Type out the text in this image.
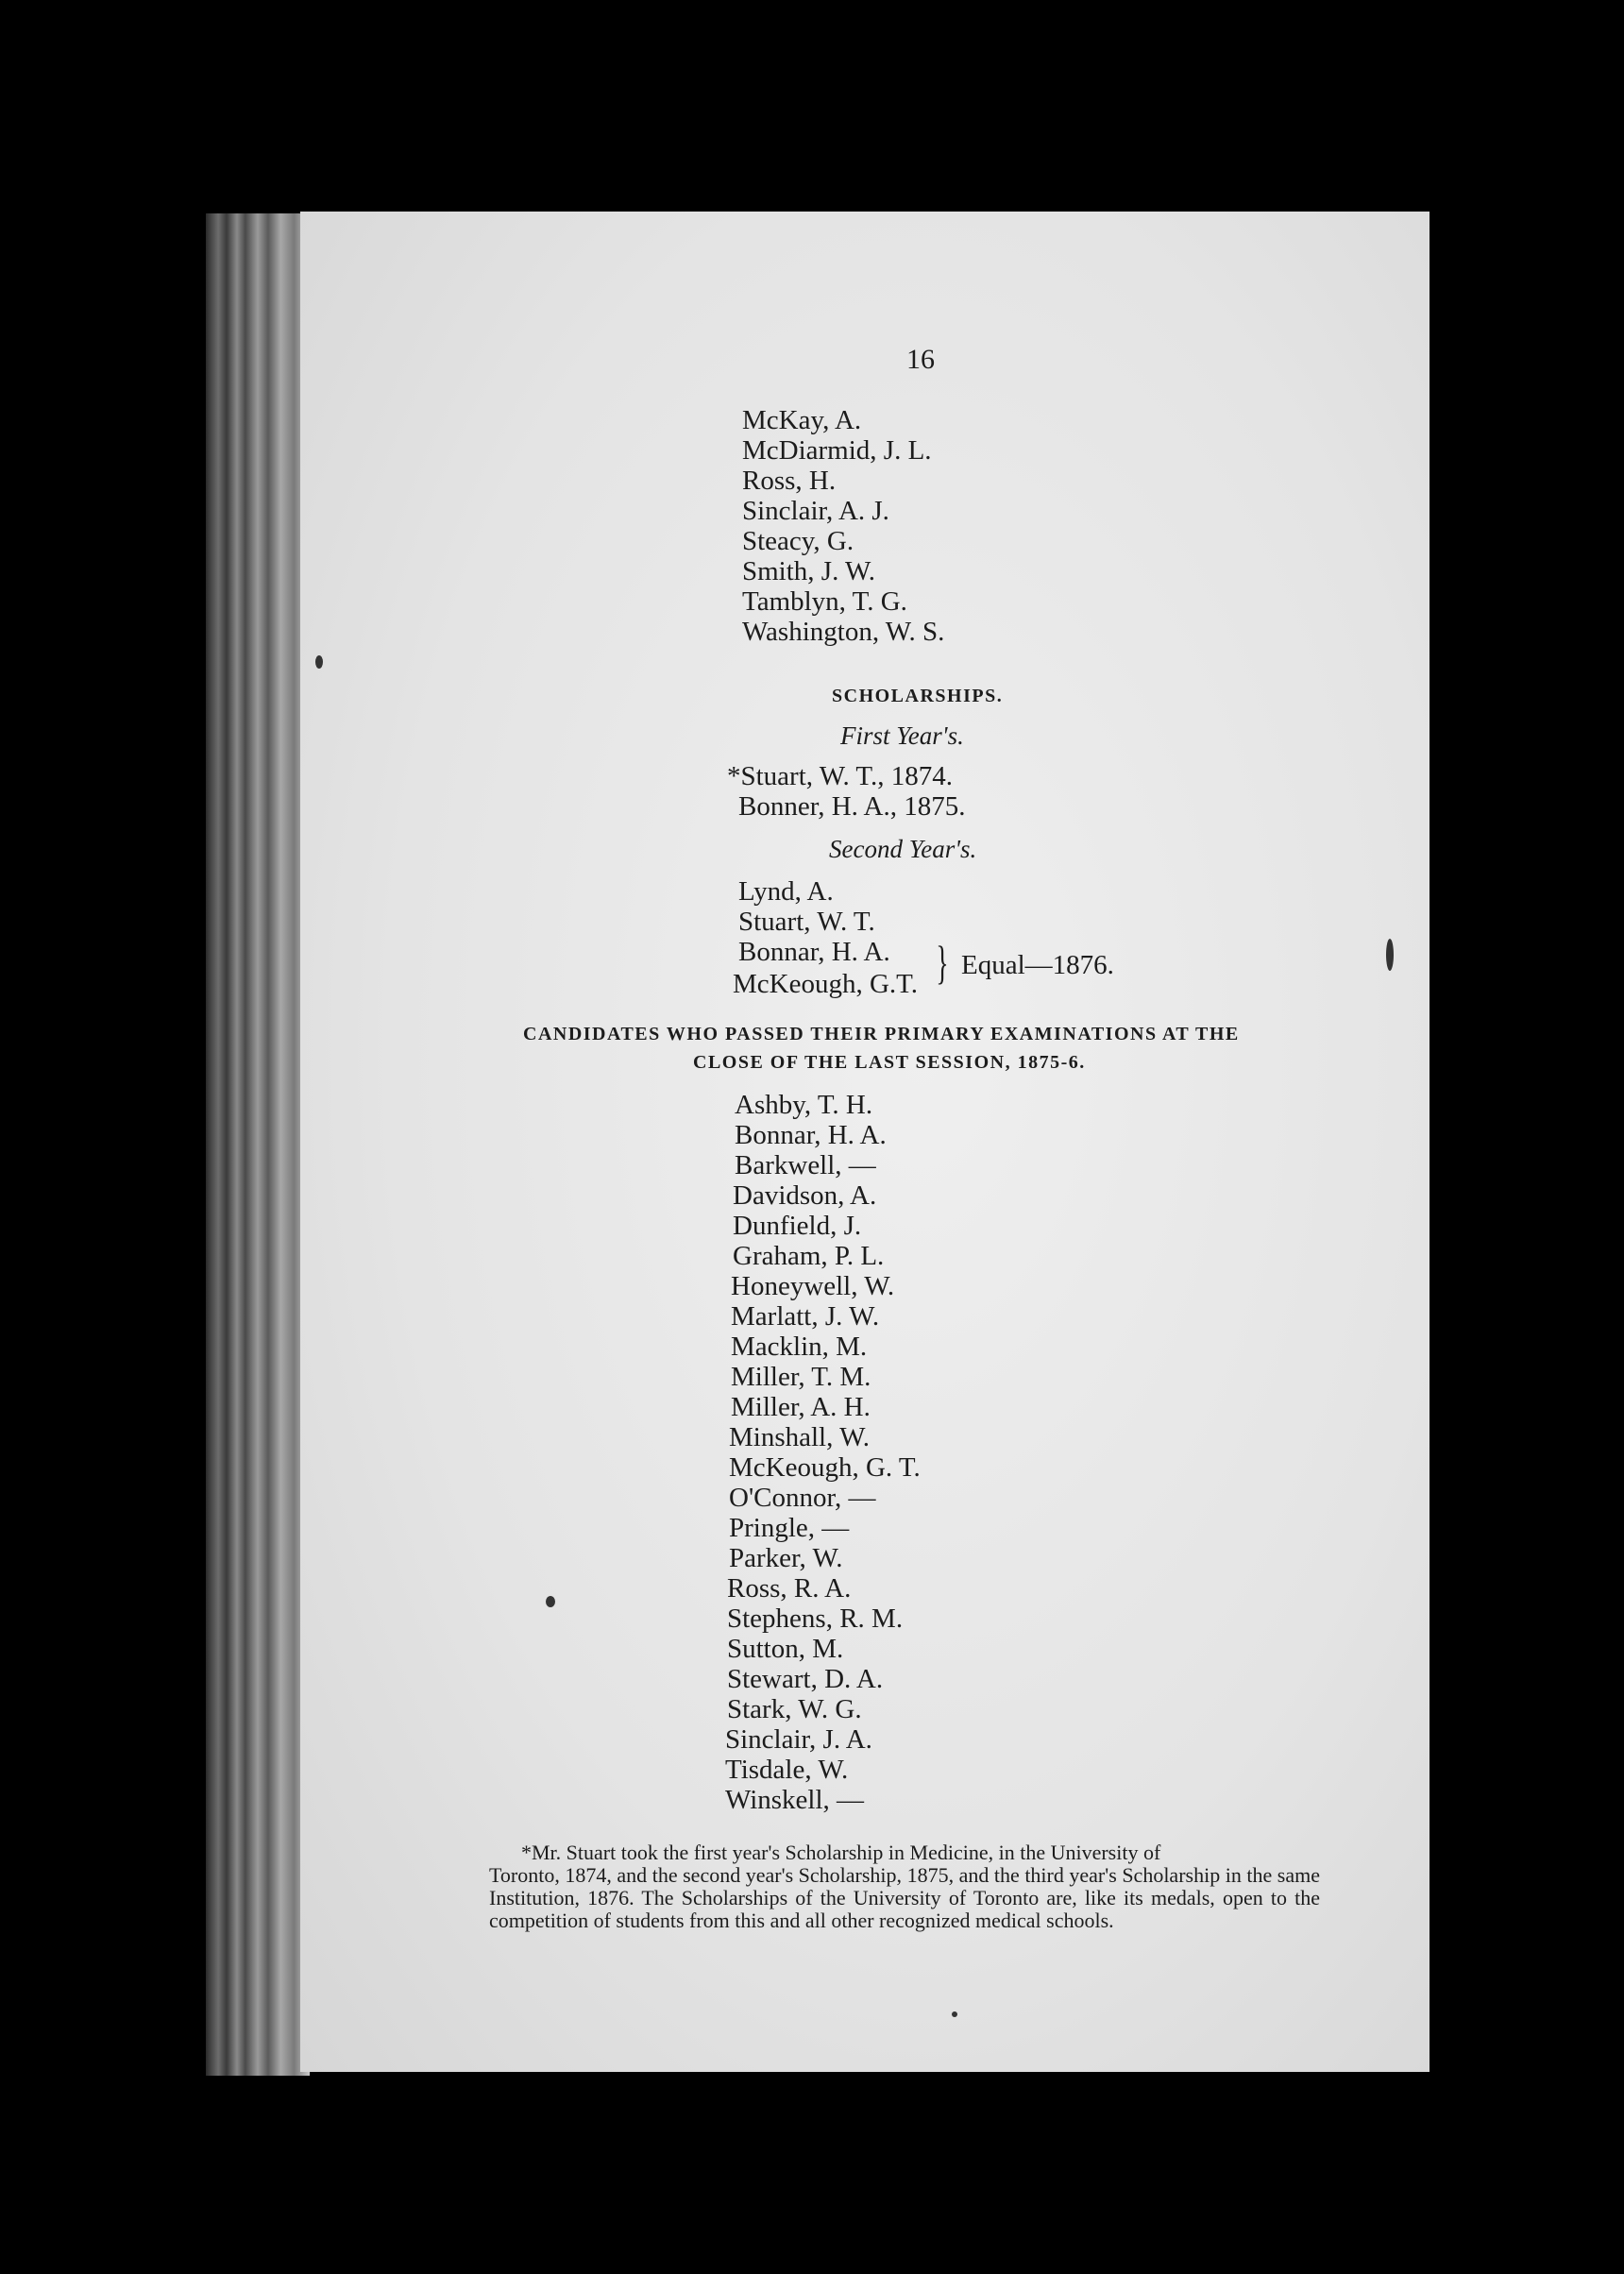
16
McKay, A.
McDiarmid, J. L.
Ross, H.
Sinclair, A. J.
Steacy, G.
Smith, J. W.
Tamblyn, T. G.
Washington, W. S.
SCHOLARSHIPS.
First Year's.
*Stuart, W. T., 1874.
Bonner, H. A., 1875.
Second Year's.
Lynd, A.
Stuart, W. T.
Bonnar, H. A.
McKeough, G.T. } Equal—1876.
CANDIDATES WHO PASSED THEIR PRIMARY EXAMINATIONS AT THE
CLOSE OF THE LAST SESSION, 1875-6.
Ashby, T. H.
Bonnar, H. A.
Barkwell, —
Davidson, A.
Dunfield, J.
Graham, P. L.
Honeywell, W.
Marlatt, J. W.
Macklin, M.
Miller, T. M.
Miller, A. H.
Minshall, W.
McKeough, G. T.
O'Connor, —
Pringle, —
Parker, W.
Ross, R. A.
Stephens, R. M.
Sutton, M.
Stewart, D. A.
Stark, W. G.
Sinclair, J. A.
Tisdale, W.
Winskell, —

*Mr. Stuart took the first year's Scholarship in Medicine, in the University of

Toronto, 1874, and the second year's Scholarship, 1875, and the third year's Scholarship in the same Institution, 1876. The Scholarships of the University of Toronto are, like its medals, open to the competition of students from this and all other recognized medical schools.
